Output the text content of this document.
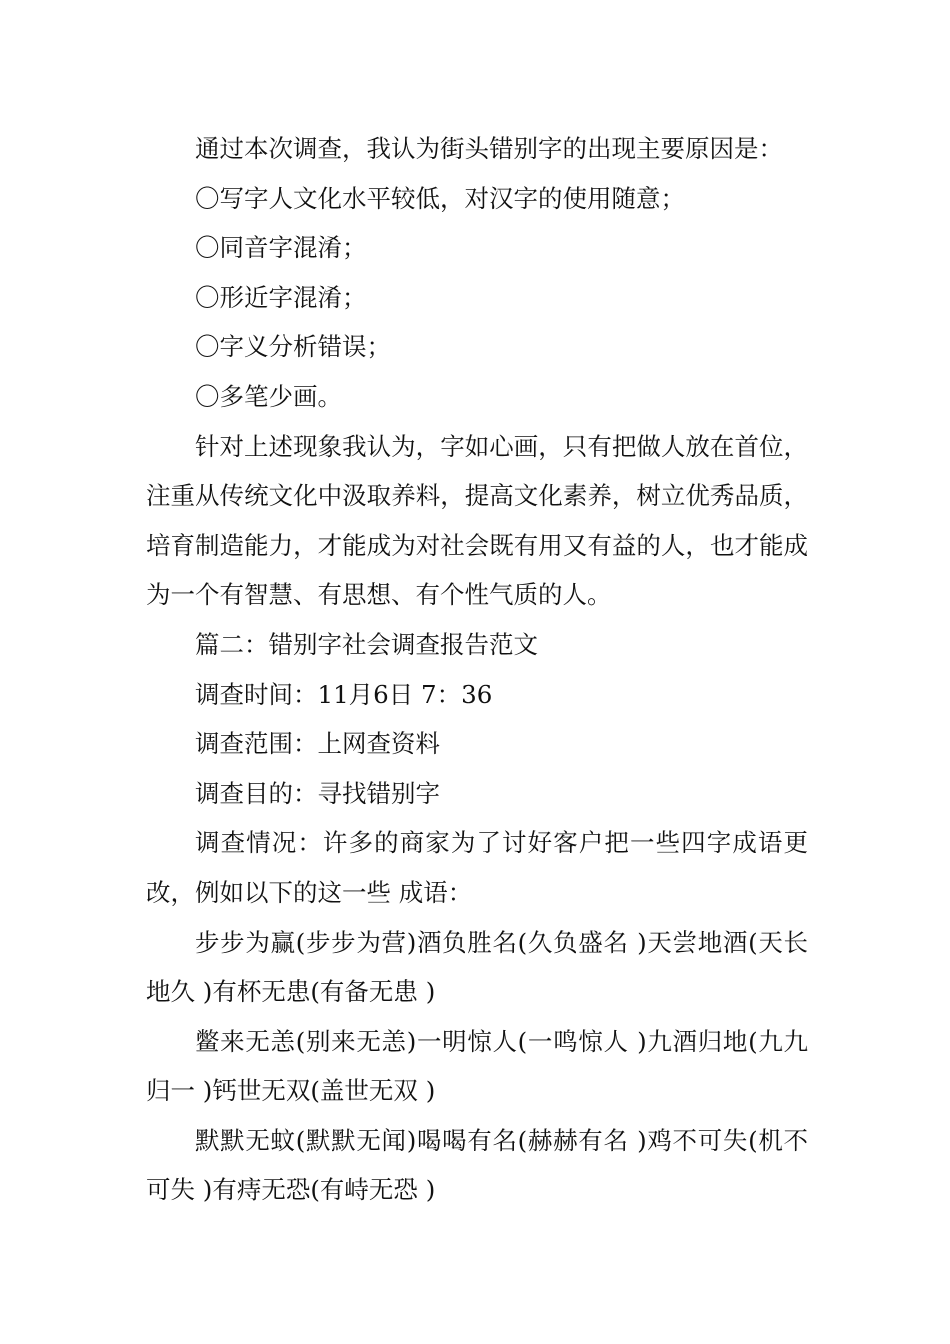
通过本次调查，我认为街头错别字的出现主要原因是：

〇写字人文化水平较低，对汉字的使用随意；

〇同音字混淆；

〇形近字混淆；

〇字义分析错误；

〇多笔少画。

针对上述现象我认为，字如心画，只有把做人放在首位，注重从传统文化中汲取养料，提高文化素养，树立优秀品质，培育制造能力，才能成为对社会既有用又有益的人，也才能成为一个有智慧、有思想、有个性气质的人。

篇二：错别字社会调查报告范文

调查时间：11月6日 7：36

调查范围：上网查资料

调查目的：寻找错别字

调查情况：许多的商家为了讨好客户把一些四字成语更改，例如以下的这一些 成语：

步步为赢(步步为营)酒负胜名(久负盛名 )天尝地酒(天长地久 )有杯无患(有备无患 )

鳖来无恙(别来无恙)一明惊人(一鸣惊人 )九酒归地(九九归一 )钙世无双(盖世无双 )

默默无蚊(默默无闻)喝喝有名(赫赫有名 )鸡不可失(机不可失 )有痔无恐(有峙无恐 )
